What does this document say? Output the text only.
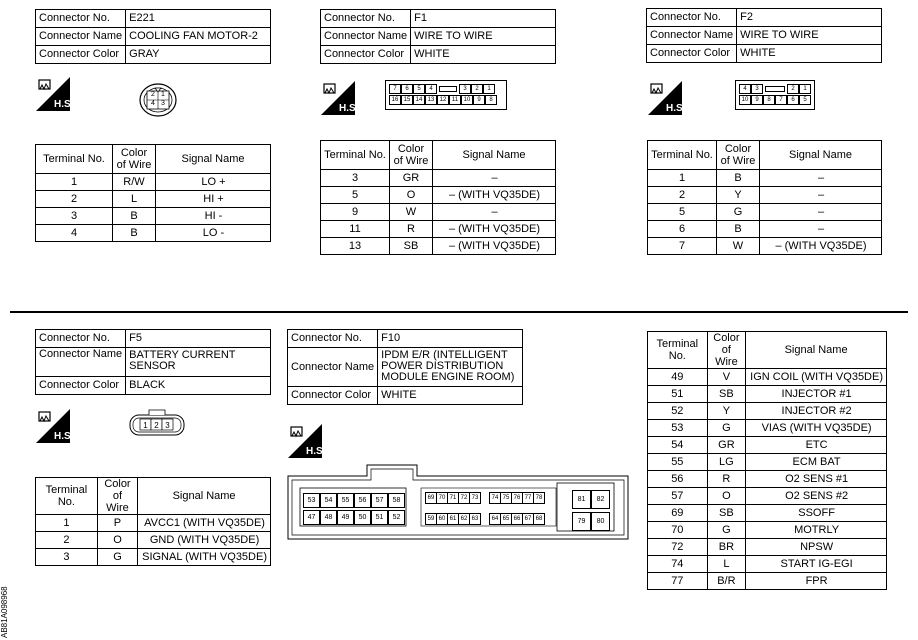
Connector No.	E221
Connector Name	COOLING FAN MOTOR-2
Connector Color	GRAY
Connector No.	F1
Connector Name	WIRE TO WIRE
Connector Color	WHITE
Connector No.	F2
Connector Name	WIRE TO WIRE
Connector Color	WHITE
H.S.	H.S.	H.S.
2 1
4 3
7	6	5	4	3	2	1
16 15 14 13 12 11 10	9	8
4	3	2	1
10	9	8	7	6	5
Terminal No.	Color of Wire	Signal Name
1	R/W	LO +
2	L	HI +
3	B	HI -
4	B	LO -
Terminal No.	Color of Wire	Signal Name
3	GR	–
5	O	– (WITH VQ35DE)
9	W	–
11	R	– (WITH VQ35DE)
13	SB	– (WITH VQ35DE)
Terminal No.	Color of Wire	Signal Name
1	B	–
2	Y	–
5	G	–
6	B	–
7	W	– (WITH VQ35DE)
Connector No.	F5
Connector Name	BATTERY CURRENT SENSOR
Connector Color	BLACK
Connector No.	F10
Connector Name	IPDM E/R (INTELLIGENT POWER DISTRIBUTION MODULE ENGINE ROOM)
Connector Color	WHITE
H.S.
H.S.
1 2 3
53	54	55	56	57	58
47	48	49	50	51	52
69 70 71 72 73
59 60 61 62 63
74 75 76 77 78
64 65 66 67 68
81	82
79	80
Terminal No.	Color of Wire	Signal Name
1	P	AVCC1 (WITH VQ35DE)
2	O	GND (WITH VQ35DE)
3	G	SIGNAL (WITH VQ35DE)
Terminal No.	Color of Wire	Signal Name
49	V	IGN COIL (WITH VQ35DE)
51	SB	INJECTOR #1
52	Y	INJECTOR #2
53	G	VIAS (WITH VQ35DE)
54	GR	ETC
55	LG	ECM BAT
56	R	O2 SENS #1
57	O	O2 SENS #2
69	SB	SSOFF
70	G	MOTRLY
72	BR	NPSW
74	L	START IG-EGI
77	B/R	FPR
AB81A098968
